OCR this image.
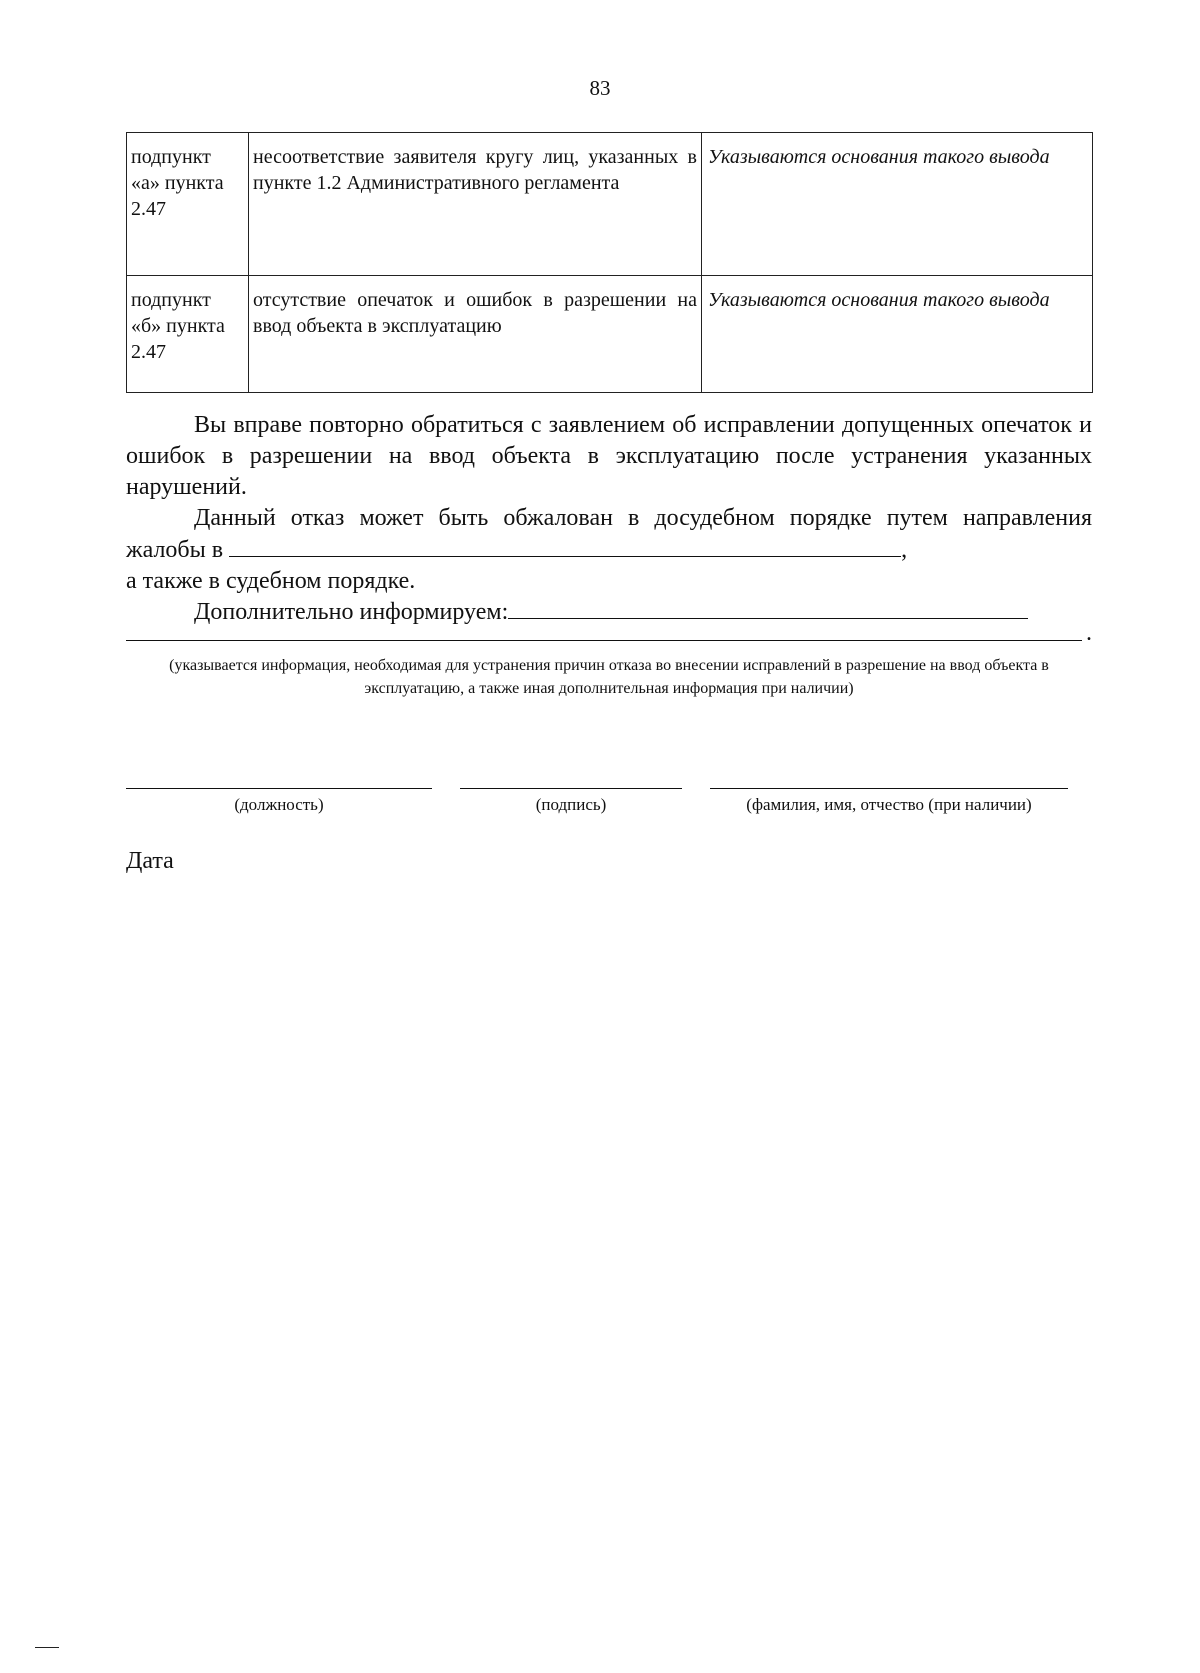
83
подпункт «а» пункта 2.47	несоответствие заявителя кругу лиц, указанных в пункте 1.2 Административного регламента	Указываются основания такого вывода
подпункт «б» пункта 2.47	отсутствие опечаток и ошибок в разрешении на ввод объекта в эксплуатацию	Указываются основания такого вывода
Вы вправе повторно обратиться с заявлением об исправлении допущенных опечаток и ошибок в разрешении на ввод объекта в эксплуатацию после устранения указанных нарушений.
Данный отказ может быть обжалован в досудебном порядке путем направления жалобы в	,
а также в судебном порядке.
Дополнительно информируем:
.
(указывается информация, необходимая для устранения причин отказа во внесении исправлений в разрешение на ввод объекта в эксплуатацию, а также иная дополнительная информация при наличии)
(должность)	(подпись)	(фамилия, имя, отчество (при наличии)
Дата
